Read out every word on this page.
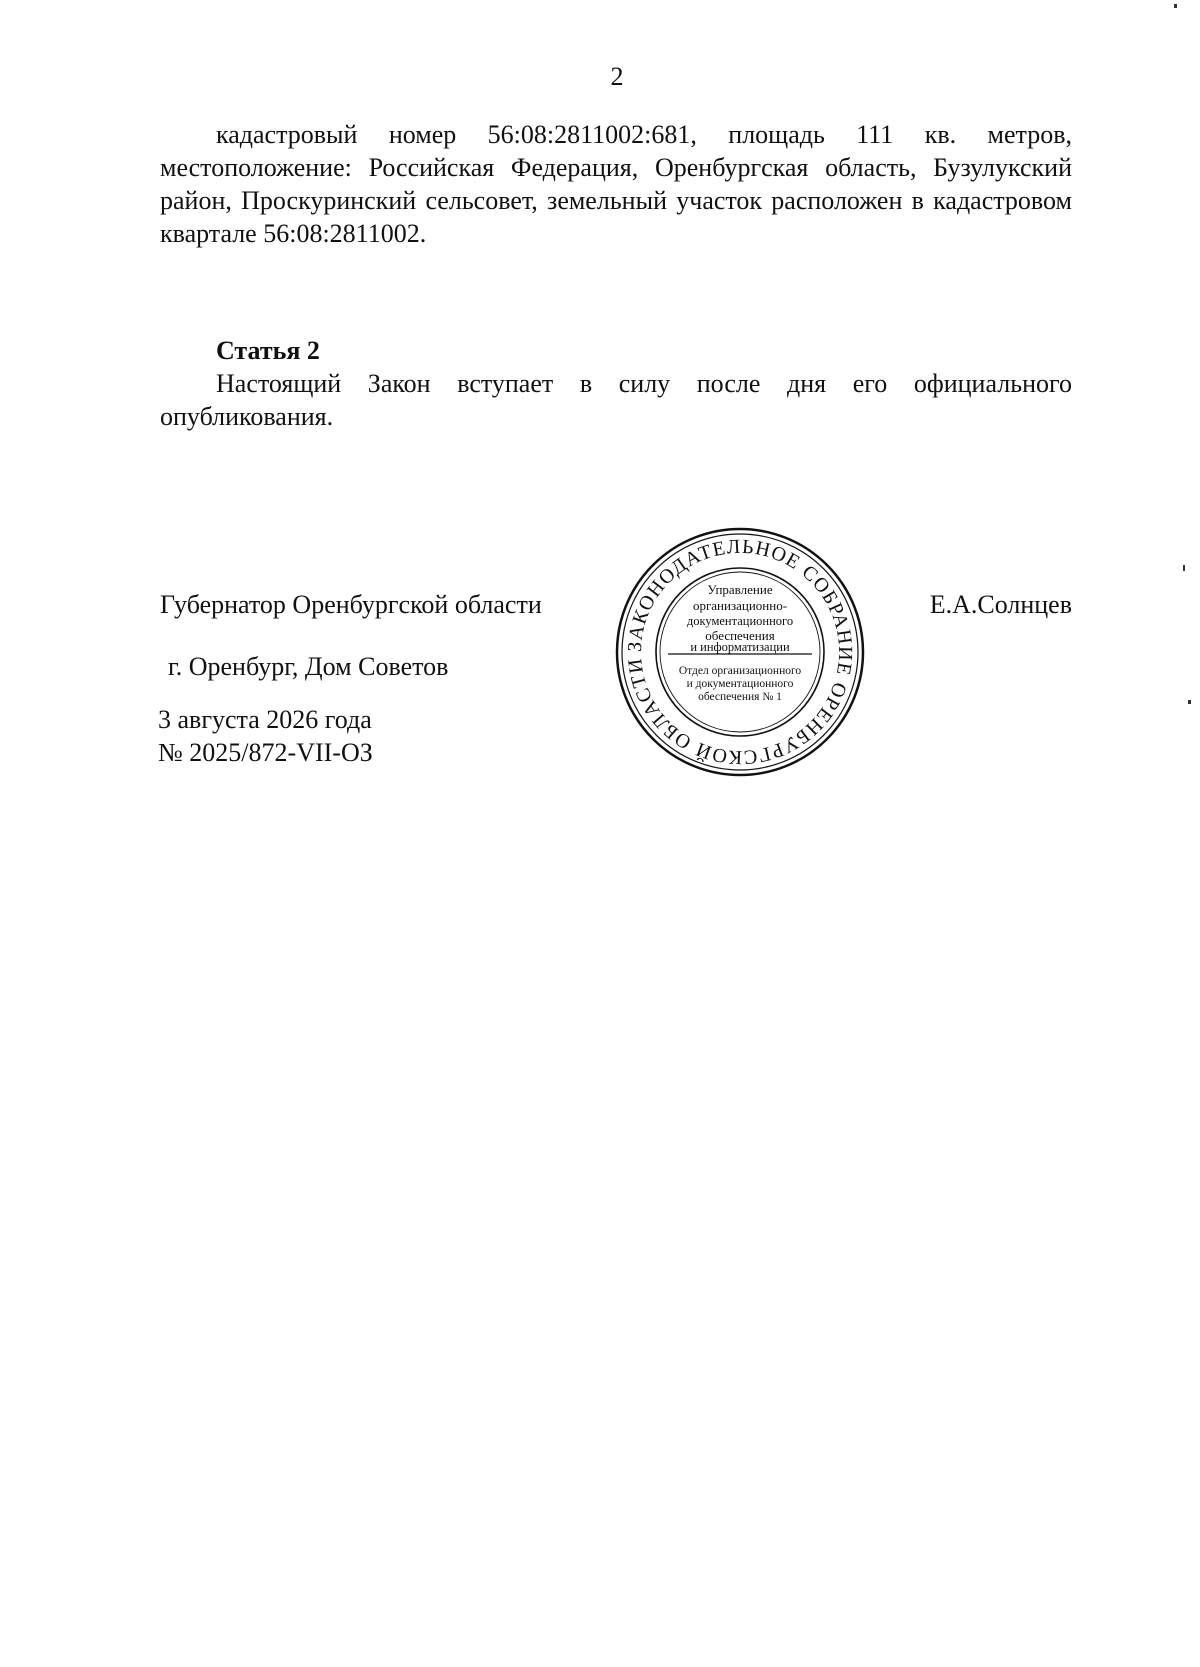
2

кадастровый номер 56:08:2811002:681, площадь 111 кв. метров, местоположение: Российская Федерация, Оренбургская область, Бузулукский район, Проскуринский сельсовет, земельный участок расположен в кадастровом квартале 56:08:2811002.

Статья 2

Настоящий Закон вступает в силу после дня его официального опубликования.

Губернатор Оренбургской области	Е.А.Солнцев
г. Оренбург, Дом Советов
3 августа 2026 года
№ 2025/872-VII-ОЗ
ЗАКОНОДАТЕЛЬНОЕ СОБРАНИЕ ОРЕНБУРГСКОЙ ОБЛАСТИ
Управление
организационно-
документационного
обеспечения
и информатизации
Отдел организационного
и документационного
обеспечения № 1
